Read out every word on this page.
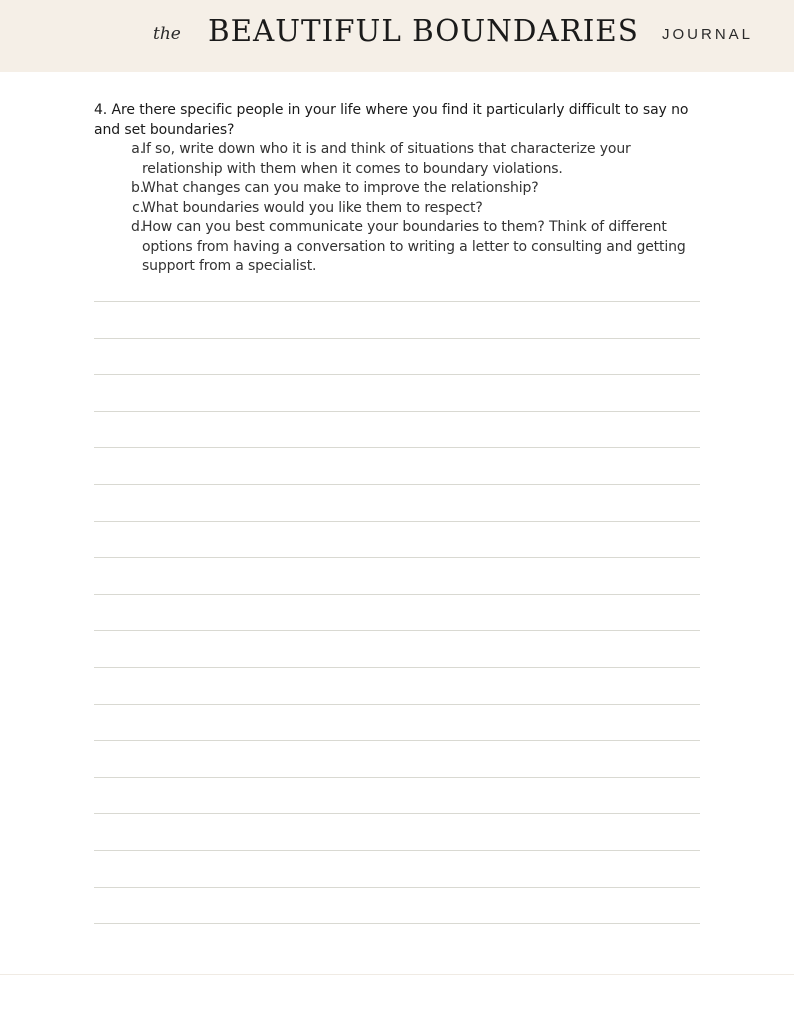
the BEAUTIFUL BOUNDARIES JOURNAL
4. Are there specific people in your life where you find it particularly difficult to say no and set boundaries?
a.
If so, write down who it is and think of situations that characterize your relationship with them when it comes to boundary violations.
b.
What changes can you make to improve the relationship?
c.
What boundaries would you like them to respect?
d.
How can you best communicate your boundaries to them? Think of different options from having a conversation to writing a letter to consulting and getting support from a specialist.
